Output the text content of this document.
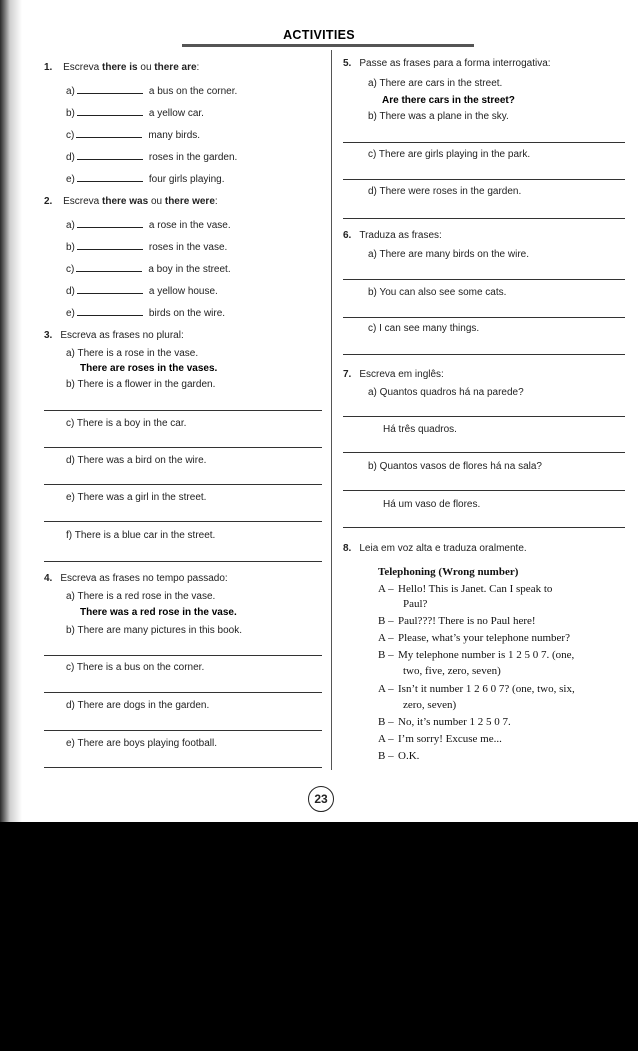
ACTIVITIES
1. Escreva there is ou there are:
a)	a bus on the corner.
b)	a yellow car.
c)	many birds.
d)	roses in the garden.
e)	four girls playing.
2. Escreva there was ou there were:
a)	a rose in the vase.
b)	roses in the vase.
c)	a boy in the street.
d)	a yellow house.
e)	birds on the wire.
3. Escreva as frases no plural:
a) There is a rose in the vase.
There are roses in the vases.
b) There is a flower in the garden.
c) There is a boy in the car.
d) There was a bird on the wire.
e) There was a girl in the street.
f) There is a blue car in the street.
4. Escreva as frases no tempo passado:
a) There is a red rose in the vase.
There was a red rose in the vase.
b) There are many pictures in this book.
c) There is a bus on the corner.
d) There are dogs in the garden.
e) There are boys playing football.
5. Passe as frases para a forma interrogativa:
a) There are cars in the street.
Are there cars in the street?
b) There was a plane in the sky.
c) There are girls playing in the park.
d) There were roses in the garden.
6. Traduza as frases:
a) There are many birds on the wire.
b) You can also see some cats.
c) I can see many things.
7. Escreva em inglês:
a) Quantos quadros há na parede?
Há três quadros.
b) Quantos vasos de flores há na sala?
Há um vaso de flores.
8. Leia em voz alta e traduza oralmente.
Telephoning (Wrong number)
A – Hello! This is Janet. Can I speak to
Paul?
B – Paul???! There is no Paul here!
A – Please, what’s your telephone number?
B – My telephone number is 1 2 5 0 7. (one,
two, five, zero, seven)
A – Isn’t it number 1 2 6 0 7? (one, two, six,
zero, seven)
B – No, it’s number 1 2 5 0 7.
A – I’m sorry! Excuse me...
B – O.K.
23
